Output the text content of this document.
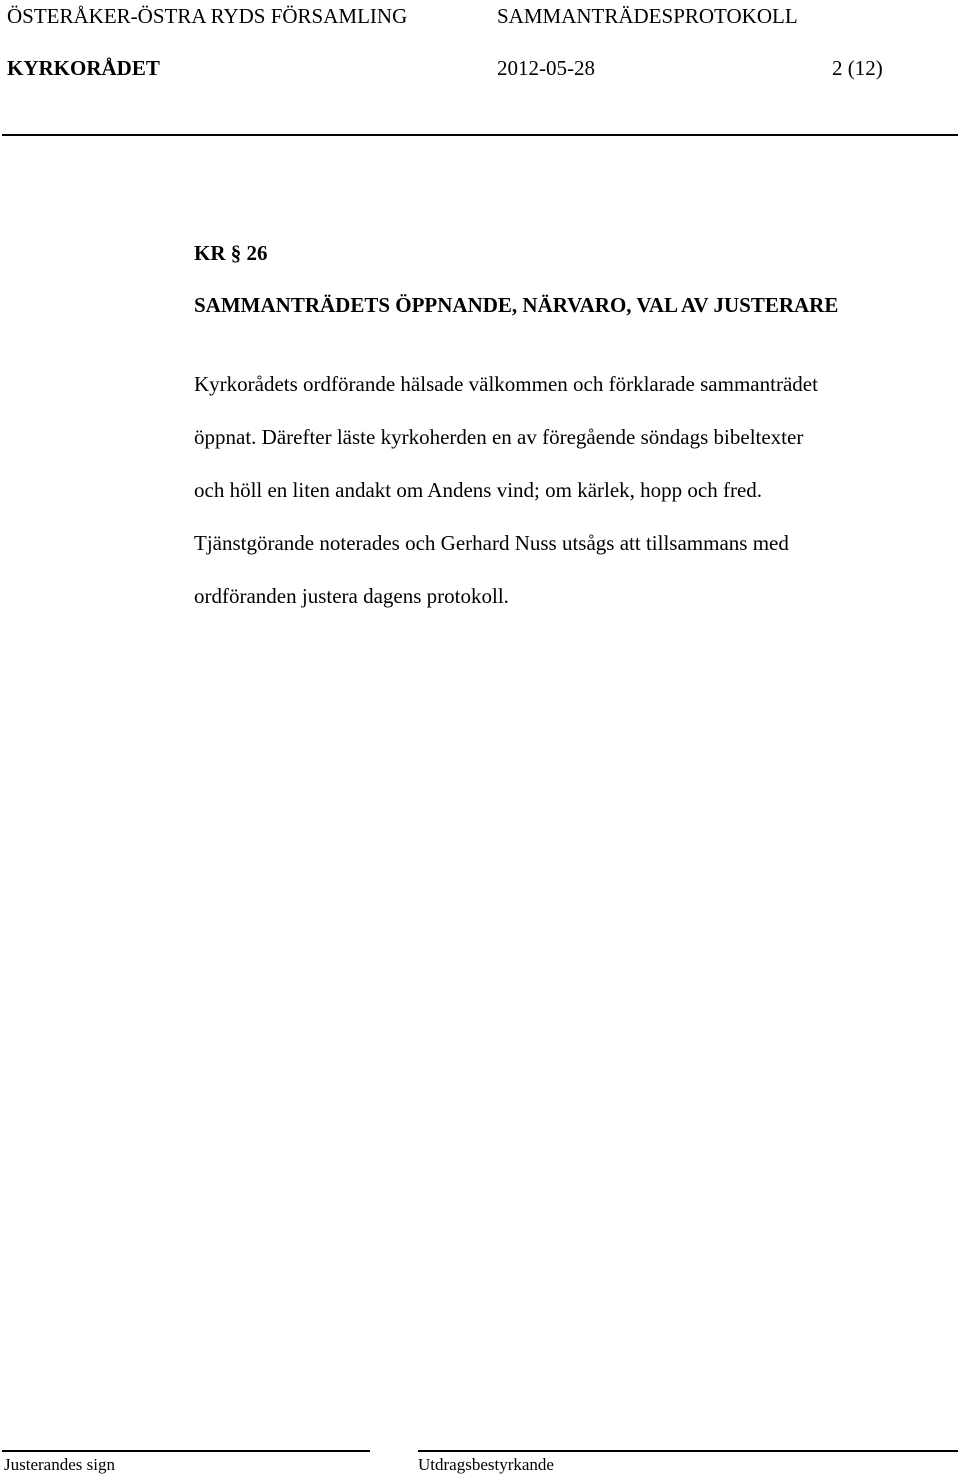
ÖSTERÅKER-ÖSTRA RYDS FÖRSAMLING	SAMMANTRÄDESPROTOKOLL
KYRKORÅDET	2012-05-28	2 (12)
KR § 26
SAMMANTRÄDETS ÖPPNANDE, NÄRVARO, VAL AV JUSTERARE

Kyrkorådets ordförande hälsade välkommen och förklarade sammanträdet

öppnat. Därefter läste kyrkoherden en av föregående söndags bibeltexter

och höll en liten andakt om Andens vind; om kärlek, hopp och fred.

Tjänstgörande noterades och Gerhard Nuss utsågs att tillsammans med

ordföranden justera dagens protokoll.

Justerandes sign	Utdragsbestyrkande
